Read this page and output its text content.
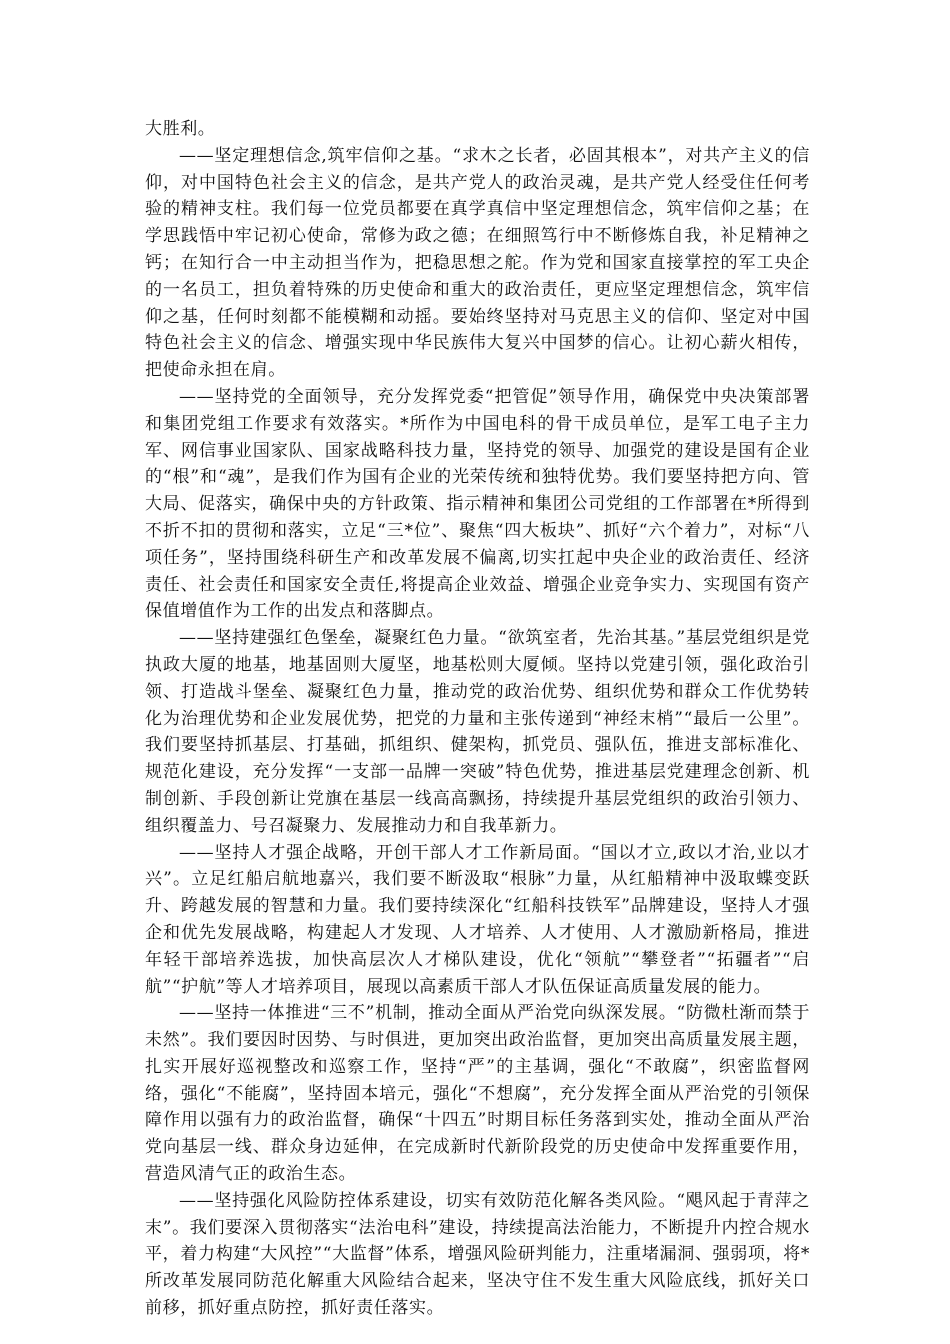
大胜利。

——坚定理想信念,筑牢信仰之基。“求木之长者，必固其根本”，对共产主义的信仰，对中国特色社会主义的信念，是共产党人的政治灵魂，是共产党人经受住任何考验的精神支柱。我们每一位党员都要在真学真信中坚定理想信念，筑牢信仰之基；在学思践悟中牢记初心使命，常修为政之德；在细照笃行中不断修炼自我，补足精神之钙；在知行合一中主动担当作为，把稳思想之舵。作为党和国家直接掌控的军工央企的一名员工，担负着特殊的历史使命和重大的政治责任，更应坚定理想信念，筑牢信仰之基，任何时刻都不能模糊和动摇。要始终坚持对马克思主义的信仰、坚定对中国特色社会主义的信念、增强实现中华民族伟大复兴中国梦的信心。让初心薪火相传，把使命永担在肩。

——坚持党的全面领导，充分发挥党委“把管促”领导作用，确保党中央决策部署和集团党组工作要求有效落实。*所作为中国电科的骨干成员单位，是军工电子主力军、网信事业国家队、国家战略科技力量，坚持党的领导、加强党的建设是国有企业的“根”和“魂”，是我们作为国有企业的光荣传统和独特优势。我们要坚持把方向、管大局、促落实，确保中央的方针政策、指示精神和集团公司党组的工作部署在*所得到不折不扣的贯彻和落实，立足“三*位”、聚焦“四大板块”、抓好“六个着力”，对标“八项任务”，坚持围绕科研生产和改革发展不偏离,切实扛起中央企业的政治责任、经济责任、社会责任和国家安全责任,将提高企业效益、增强企业竞争实力、实现国有资产保值增值作为工作的出发点和落脚点。

——坚持建强红色堡垒，凝聚红色力量。“欲筑室者，先治其基。”基层党组织是党执政大厦的地基，地基固则大厦坚，地基松则大厦倾。坚持以党建引领，强化政治引领、打造战斗堡垒、凝聚红色力量，推动党的政治优势、组织优势和群众工作优势转化为治理优势和企业发展优势，把党的力量和主张传递到“神经末梢”“最后一公里”。我们要坚持抓基层、打基础，抓组织、健架构，抓党员、强队伍，推进支部标准化、规范化建设，充分发挥“一支部一品牌一突破”特色优势，推进基层党建理念创新、机制创新、手段创新让党旗在基层一线高高飘扬，持续提升基层党组织的政治引领力、组织覆盖力、号召凝聚力、发展推动力和自我革新力。

——坚持人才强企战略，开创干部人才工作新局面。“国以才立,政以才治,业以才兴”。立足红船启航地嘉兴，我们要不断汲取“根脉”力量，从红船精神中汲取蝶变跃升、跨越发展的智慧和力量。我们要持续深化“红船科技铁军”品牌建设，坚持人才强企和优先发展战略，构建起人才发现、人才培养、人才使用、人才激励新格局，推进年轻干部培养选拔，加快高层次人才梯队建设，优化“领航”“攀登者”“拓疆者”“启航”“护航”等人才培养项目，展现以高素质干部人才队伍保证高质量发展的能力。

——坚持一体推进“三不”机制，推动全面从严治党向纵深发展。“防微杜渐而禁于未然”。我们要因时因势、与时俱进，更加突出政治监督，更加突出高质量发展主题，扎实开展好巡视整改和巡察工作，坚持“严”的主基调，强化“不敢腐”，织密监督网络，强化“不能腐”，坚持固本培元，强化“不想腐”，充分发挥全面从严治党的引领保障作用以强有力的政治监督，确保“十四五”时期目标任务落到实处，推动全面从严治党向基层一线、群众身边延伸，在完成新时代新阶段党的历史使命中发挥重要作用，营造风清气正的政治生态。

——坚持强化风险防控体系建设，切实有效防范化解各类风险。“飓风起于青萍之末”。我们要深入贯彻落实“法治电科”建设，持续提高法治能力，不断提升内控合规水平，着力构建“大风控”“大监督”体系，增强风险研判能力，注重堵漏洞、强弱项，将*所改革发展同防范化解重大风险结合起来，坚决守住不发生重大风险底线，抓好关口前移，抓好重点防控，抓好责任落实。
